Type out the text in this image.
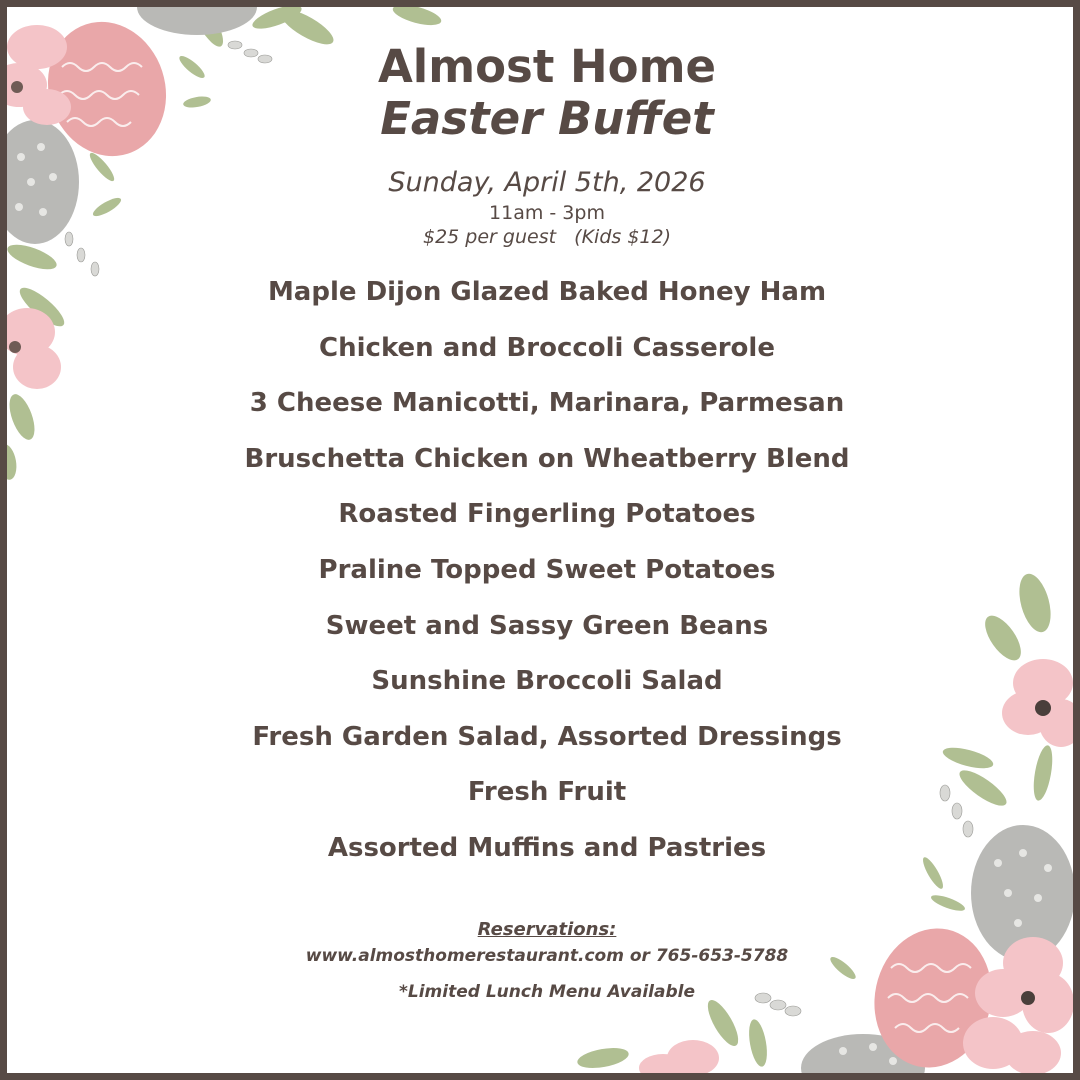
Almost Home
Easter Buffet
Sunday, April 5th, 2026
11am - 3pm
$25 per guest   (Kids $12)
Maple Dijon Glazed Baked Honey Ham
Chicken and Broccoli Casserole
3 Cheese Manicotti, Marinara, Parmesan
Bruschetta Chicken on Wheatberry Blend
Roasted Fingerling Potatoes
Praline Topped Sweet Potatoes
Sweet and Sassy Green Beans
Sunshine Broccoli Salad
Fresh Garden Salad, Assorted Dressings
Fresh Fruit
Assorted Muffins and Pastries
Reservations:
www.almosthomerestaurant.com or 765-653-5788
*Limited Lunch Menu Available
